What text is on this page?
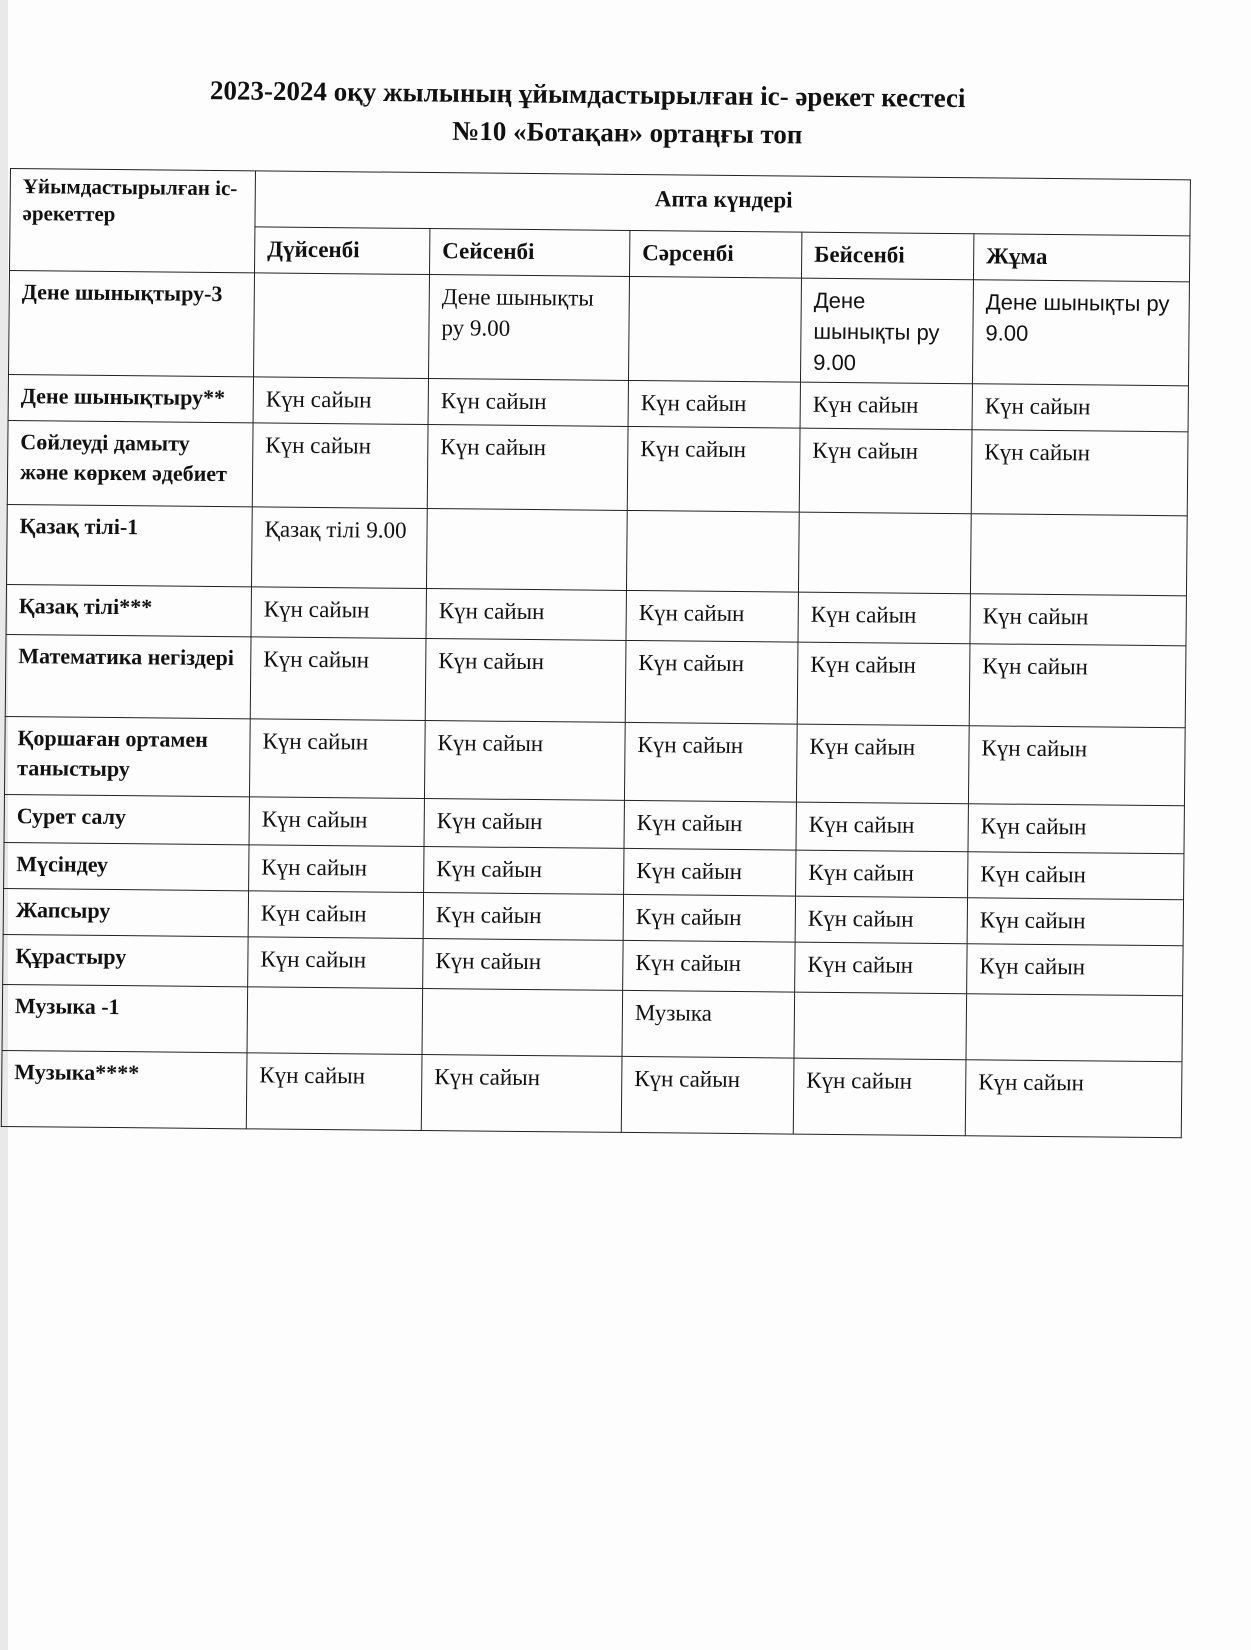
2023-2024 оқу жылының ұйымдастырылған іс- әрекет кестесі

№10 «Ботақан» ортаңғы топ

Ұйымдастырылған іс- әрекеттер	Апта күндері				
	Дүйсенбі	Сейсенбі	Сәрсенбі	Бейсенбі	Жұма
Дене шынықтыру-3		Дене шынықты ру 9.00		Дене шынықты ру 9.00	Дене шынықты ру 9.00
Дене шынықтыру**	Күн сайын	Күн сайын	Күн сайын	Күн сайын	Күн сайын
Сөйлеуді дамыту және көркем әдебиет	Күн сайын	Күн сайын	Күн сайын	Күн сайын	Күн сайын
Қазақ тілі-1	Қазақ тілі 9.00				
Қазақ тілі***	Күн сайын	Күн сайын	Күн сайын	Күн сайын	Күн сайын
Математика негіздері	Күн сайын	Күн сайын	Күн сайын	Күн сайын	Күн сайын
Қоршаған ортамен таныстыру	Күн сайын	Күн сайын	Күн сайын	Күн сайын	Күн сайын
Сурет салу	Күн сайын	Күн сайын	Күн сайын	Күн сайын	Күн сайын
Мүсіндеу	Күн сайын	Күн сайын	Күн сайын	Күн сайын	Күн сайын
Жапсыру	Күн сайын	Күн сайын	Күн сайын	Күн сайын	Күн сайын
Құрастыру	Күн сайын	Күн сайын	Күн сайын	Күн сайын	Күн сайын
Музыка -1			Музыка		
Музыка****	Күн сайын	Күн сайын	Күн сайын	Күн сайын	Күн сайын
